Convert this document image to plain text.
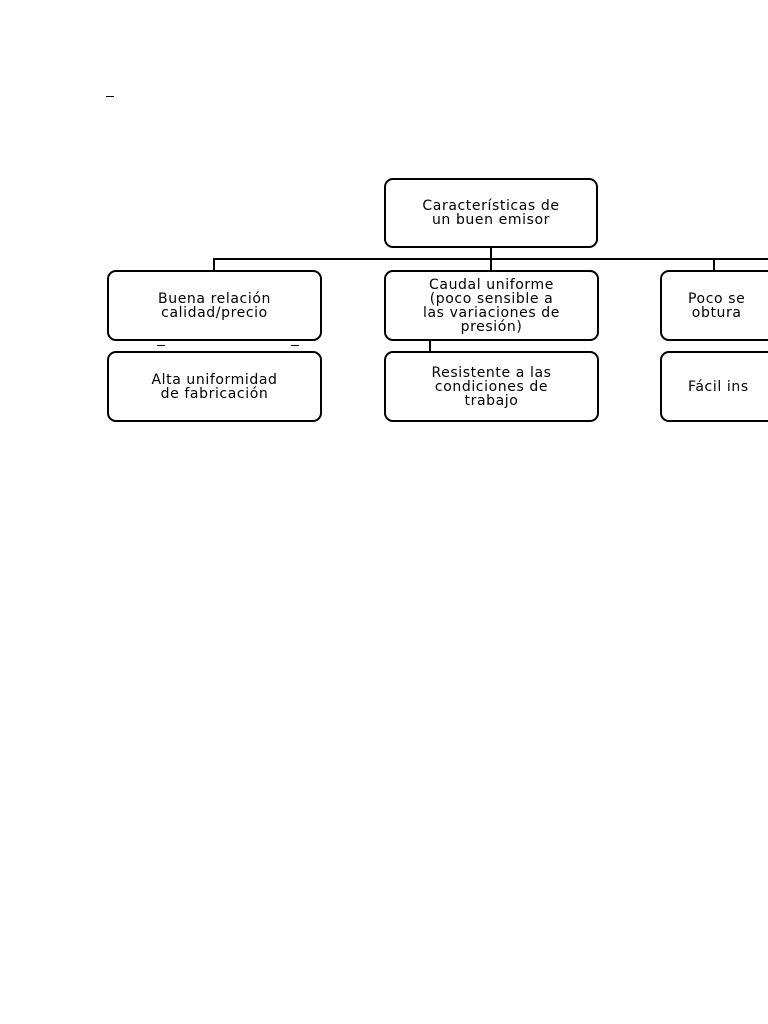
Características de
un buen emisor
Buena relación
calidad/precio
Caudal uniforme
(poco sensible a
las variaciones de
presión)
Poco se
obtura
Alta uniformidad
de fabricación
Resistente a las
condiciones de
trabajo
Fácil ins
